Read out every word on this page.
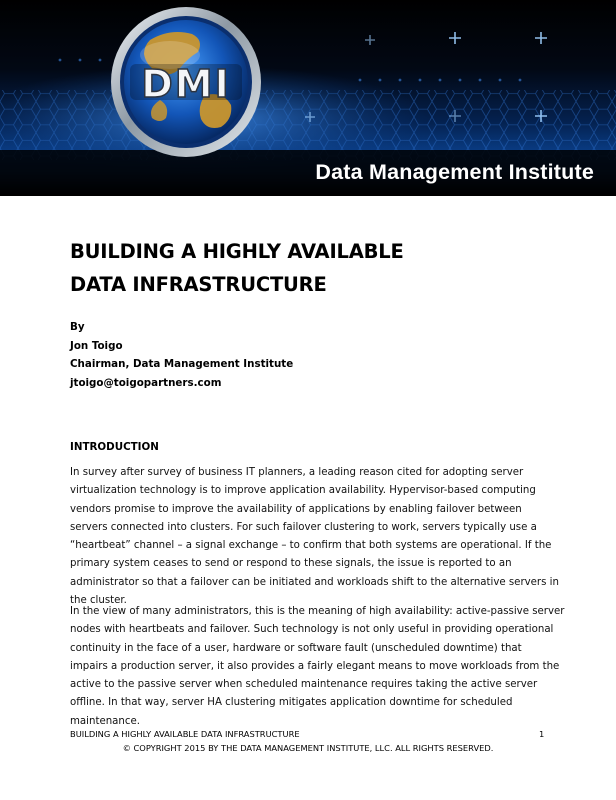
DMI
Data Management Institute
BUILDING A HIGHLY AVAILABLE
DATA INFRASTRUCTURE
By
Jon Toigo
Chairman, Data Management Institute
jtoigo@toigopartners.com
INTRODUCTION

In survey after survey of business IT planners, a leading reason cited for adopting server
virtualization technology is to improve application availability. Hypervisor-based computing
vendors promise to improve the availability of applications by enabling failover between
servers connected into clusters. For such failover clustering to work, servers typically use a
“heartbeat” channel – a signal exchange – to confirm that both systems are operational. If the
primary system ceases to send or respond to these signals, the issue is reported to an
administrator so that a failover can be initiated and workloads shift to the alternative servers in
the cluster.

In the view of many administrators, this is the meaning of high availability: active-passive server
nodes with heartbeats and failover. Such technology is not only useful in providing operational
continuity in the face of a user, hardware or software fault (unscheduled downtime) that
impairs a production server, it also provides a fairly elegant means to move workloads from the
active to the passive server when scheduled maintenance requires taking the active server
offline. In that way, server HA clustering mitigates application downtime for scheduled
maintenance.

BUILDING A HIGHLY AVAILABLE DATA INFRASTRUCTURE	1
© COPYRIGHT 2015 BY THE DATA MANAGEMENT INSTITUTE, LLC. ALL RIGHTS RESERVED.
